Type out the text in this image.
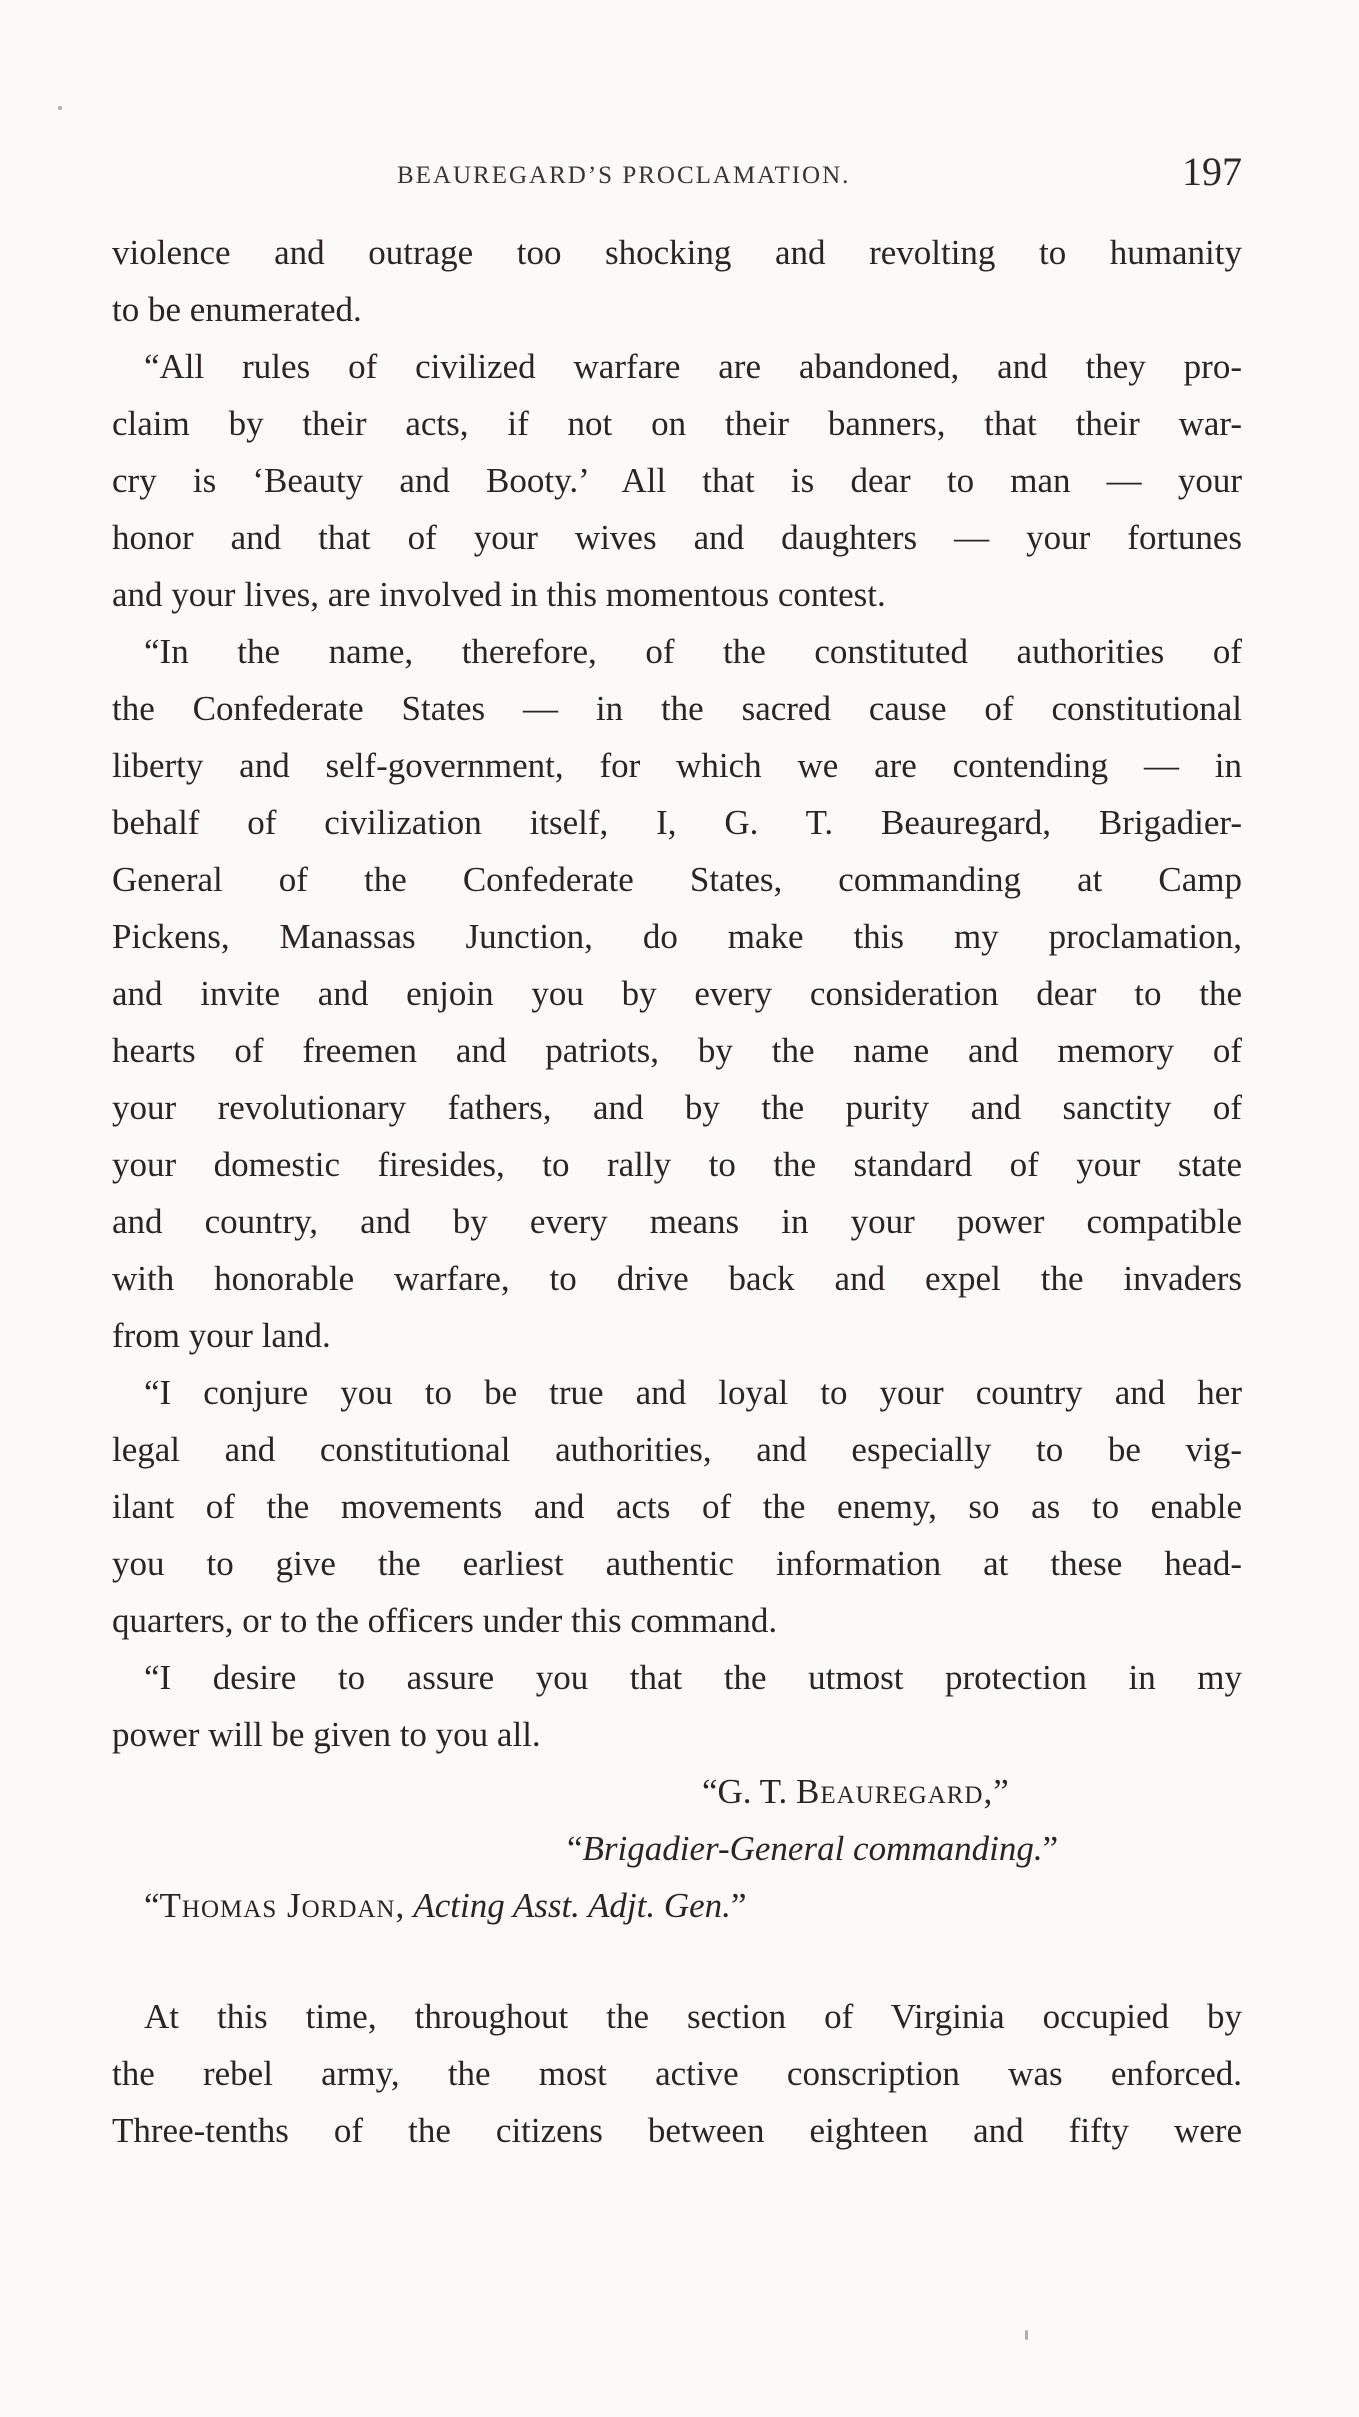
BEAUREGARD’S PROCLAMATION.	197
violence and outrage too shocking and revolting to humanity
to be enumerated.
“All rules of civilized warfare are abandoned, and they pro-
claim by their acts, if not on their banners, that their war-
cry is ‘Beauty and Booty.’ All that is dear to man — your
honor and that of your wives and daughters — your fortunes
and your lives, are involved in this momentous contest.
“In the name, therefore, of the constituted authorities of
the Confederate States — in the sacred cause of constitutional
liberty and self-government, for which we are contending — in
behalf of civilization itself, I, G. T. Beauregard, Brigadier-
General of the Confederate States, commanding at Camp
Pickens, Manassas Junction, do make this my proclamation,
and invite and enjoin you by every consideration dear to the
hearts of freemen and patriots, by the name and memory of
your revolutionary fathers, and by the purity and sanctity of
your domestic firesides, to rally to the standard of your state
and country, and by every means in your power compatible
with honorable warfare, to drive back and expel the invaders
from your land.
“I conjure you to be true and loyal to your country and her
legal and constitutional authorities, and especially to be vig-
ilant of the movements and acts of the enemy, so as to enable
you to give the earliest authentic information at these head-
quarters, or to the officers under this command.
“I desire to assure you that the utmost protection in my
power will be given to you all.
“G. T. Beauregard,”
“Brigadier-General commanding.”
“Thomas Jordan, Acting Asst. Adjt. Gen.”
At this time, throughout the section of Virginia occupied by
the rebel army, the most active conscription was enforced.
Three-tenths of the citizens between eighteen and fifty were
